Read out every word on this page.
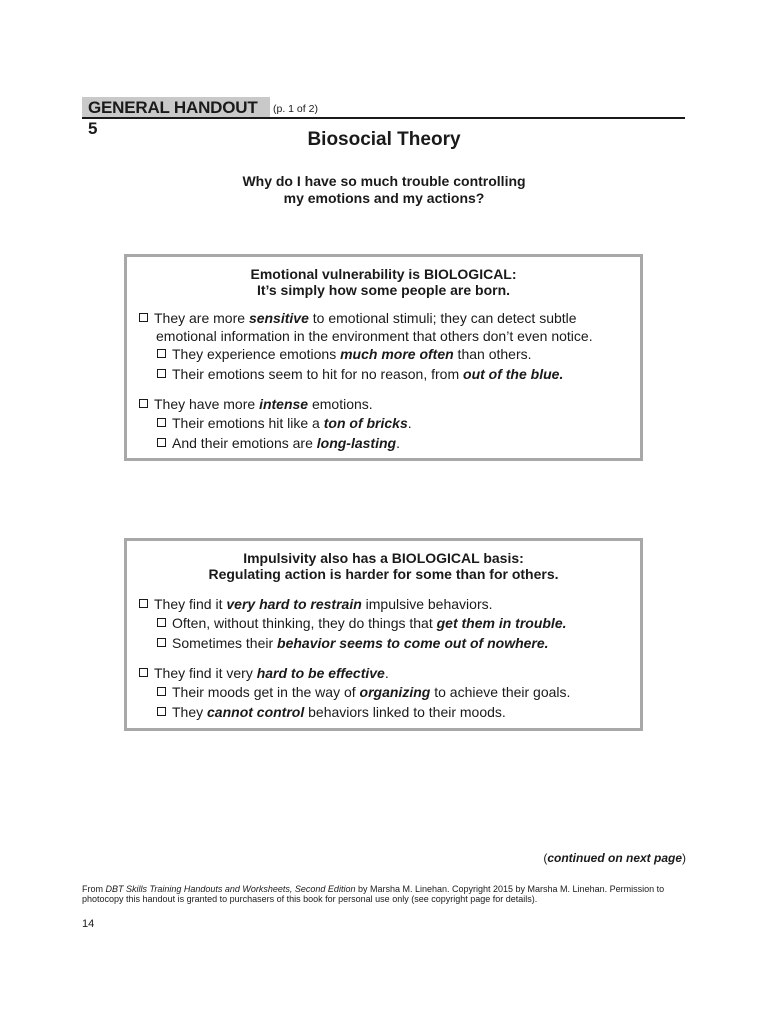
GENERAL HANDOUT 5
(p. 1 of 2)
Biosocial Theory
Why do I have so much trouble controlling
my emotions and my actions?
Emotional vulnerability is BIOLOGICAL:
It’s simply how some people are born.
They are more sensitive to emotional stimuli; they can detect subtle
emotional information in the environment that others don’t even notice.
They experience emotions much more often than others.
Their emotions seem to hit for no reason, from out of the blue.
They have more intense emotions.
Their emotions hit like a ton of bricks.
And their emotions are long-lasting.
Impulsivity also has a BIOLOGICAL basis:
Regulating action is harder for some than for others.
They find it very hard to restrain impulsive behaviors.
Often, without thinking, they do things that get them in trouble.
Sometimes their behavior seems to come out of nowhere.
They find it very hard to be effective.
Their moods get in the way of organizing to achieve their goals.
They cannot control behaviors linked to their moods.
(continued on next page)
From DBT Skills Training Handouts and Worksheets, Second Edition by Marsha M. Linehan. Copyright 2015 by Marsha M. Linehan. Permission to photocopy this handout is granted to purchasers of this book for personal use only (see copyright page for details).
14
